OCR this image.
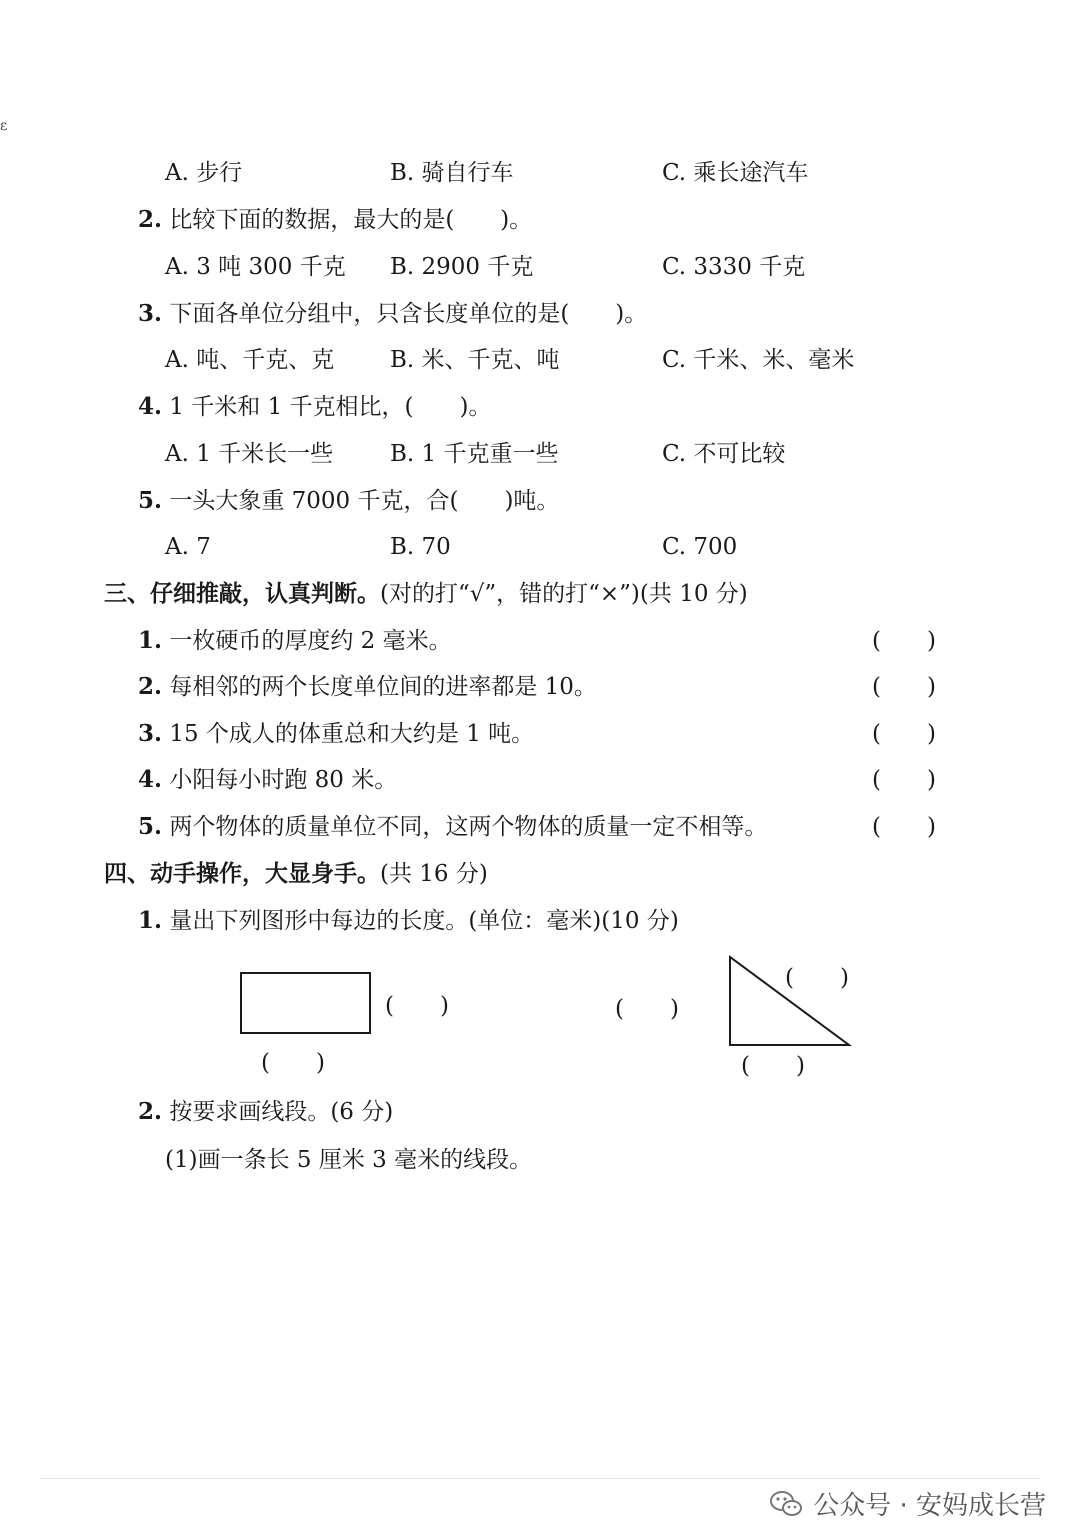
ε
A. 步行	B. 骑自行车	C. 乘长途汽车
2. 比较下面的数据，最大的是(　　)。
A. 3 吨 300 千克 B. 2900 千克	C. 3330 千克
3. 下面各单位分组中，只含长度单位的是(　　)。
A. 吨、千克、克 B. 米、千克、吨	C. 千米、米、毫米
4. 1 千米和 1 千克相比，(　　)。
A. 1 千米长一些 B. 1 千克重一些	C. 不可比较
5. 一头大象重 7000 千克，合(　　)吨。
A. 7	B. 70	C. 700
三、仔细推敲，认真判断。(对的打“√”，错的打“×”)(共 10 分)
1. 一枚硬币的厚度约 2 毫米。	(　　)
2. 每相邻的两个长度单位间的进率都是 10。	(　　)
3. 15 个成人的体重总和大约是 1 吨。	(　　)
4. 小阳每小时跑 80 米。	(　　)
5. 两个物体的质量单位不同，这两个物体的质量一定不相等。	(　　)
四、动手操作，大显身手。(共 16 分)
1. 量出下列图形中每边的长度。(单位：毫米)(10 分)
(　　)
(　　)
(　　)
(　　)
(　　)
2. 按要求画线段。(6 分)
(1)画一条长 5 厘米 3 毫米的线段。
公众号 · 安妈成长营
